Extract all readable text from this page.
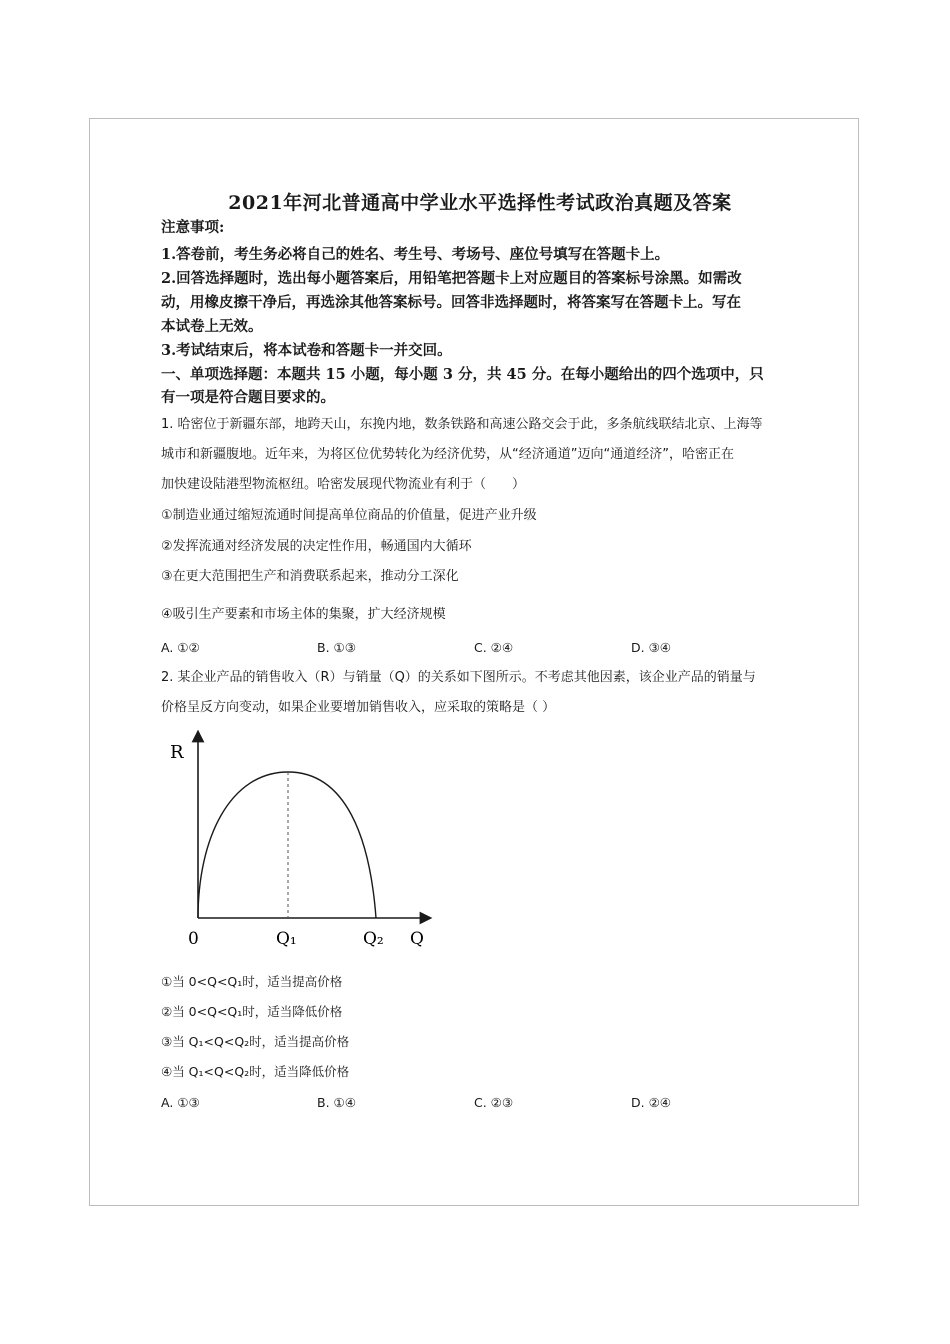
2021年河北普通高中学业水平选择性考试政治真题及答案
注意事项:
1.答卷前，考生务必将自己的姓名、考生号、考场号、座位号填写在答题卡上。
2.回答选择题时，选出每小题答案后，用铅笔把答题卡上对应题目的答案标号涂黑。如需改
动，用橡皮擦干净后，再选涂其他答案标号。回答非选择题时，将答案写在答题卡上。写在
本试卷上无效。
3.考试结束后，将本试卷和答题卡一并交回。
一、单项选择题：本题共 15 小题，每小题 3 分，共 45 分。在每小题给出的四个选项中，只
有一项是符合题目要求的。
1. 哈密位于新疆东部，地跨天山，东挽内地，数条铁路和高速公路交会于此，多条航线联结北京、上海等
城市和新疆腹地。近年来，为将区位优势转化为经济优势，从“经济通道”迈向“通道经济”，哈密正在
加快建设陆港型物流枢纽。哈密发展现代物流业有利于（　　）
①制造业通过缩短流通时间提高单位商品的价值量，促进产业升级
②发挥流通对经济发展的决定性作用，畅通国内大循环
③在更大范围把生产和消费联系起来，推动分工深化
④吸引生产要素和市场主体的集聚，扩大经济规模
A. ①②	B. ①③	C. ②④	D. ③④
2. 某企业产品的销售收入（R）与销量（Q）的关系如下图所示。不考虑其他因素，该企业产品的销量与
价格呈反方向变动，如果企业要增加销售收入，应采取的策略是（ ）
R
0	Q₁	Q₂ Q
①当 0<Q<Q₁时，适当提高价格
②当 0<Q<Q₁时，适当降低价格
③当 Q₁<Q<Q₂时，适当提高价格
④当 Q₁<Q<Q₂时，适当降低价格
A. ①③	B. ①④	C. ②③	D. ②④
